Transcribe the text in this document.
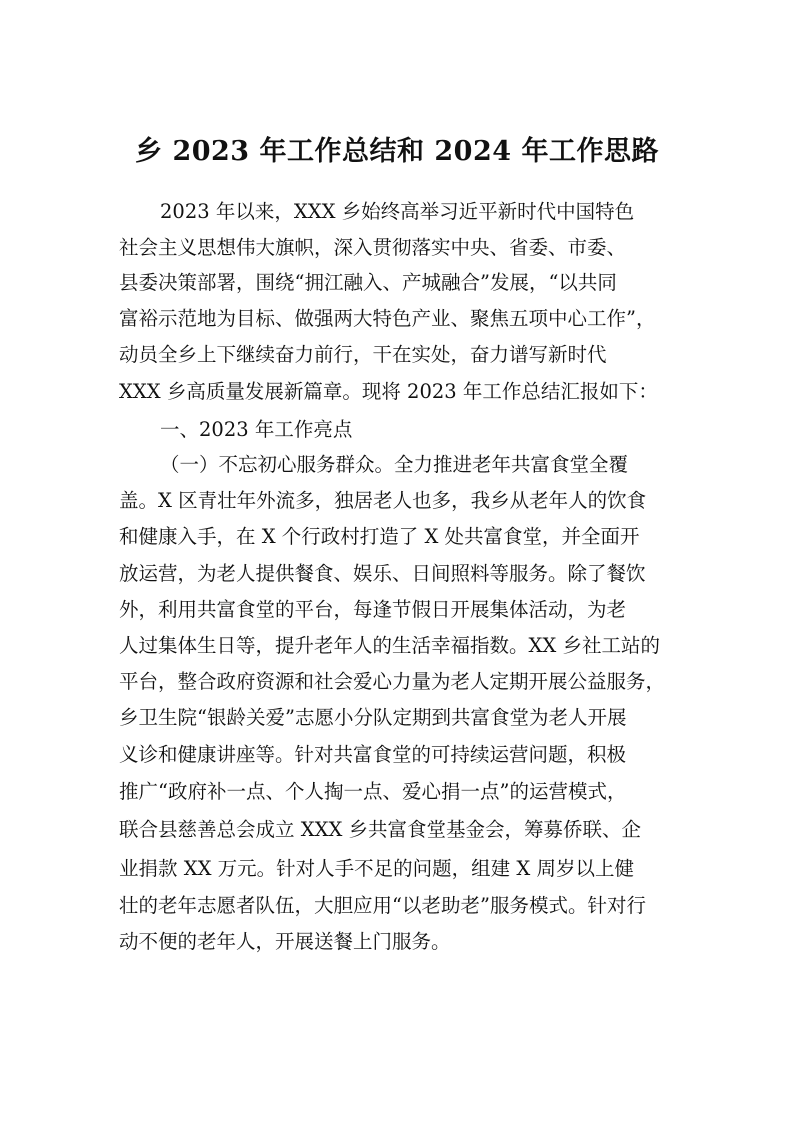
乡 2023 年工作总结和 2024 年工作思路
2023 年以来，XXX 乡始终高举习近平新时代中国特色
社会主义思想伟大旗帜，深入贯彻落实中央、省委、市委、
县委决策部署，围绕“拥江融入、产城融合”发展，“以共同
富裕示范地为目标、做强两大特色产业、聚焦五项中心工作”，
动员全乡上下继续奋力前行，干在实处，奋力谱写新时代
XXX 乡高质量发展新篇章。现将 2023 年工作总结汇报如下：
一、2023 年工作亮点
（一）不忘初心服务群众。全力推进老年共富食堂全覆
盖。X 区青壮年外流多，独居老人也多，我乡从老年人的饮食
和健康入手，在 X 个行政村打造了 X 处共富食堂，并全面开
放运营，为老人提供餐食、娱乐、日间照料等服务。除了餐饮
外，利用共富食堂的平台，每逢节假日开展集体活动，为老
人过集体生日等，提升老年人的生活幸福指数。XX 乡社工站的
平台，整合政府资源和社会爱心力量为老人定期开展公益服务，
乡卫生院“银龄关爱”志愿小分队定期到共富食堂为老人开展
义诊和健康讲座等。针对共富食堂的可持续运营问题，积极
推广“政府补一点、个人掏一点、爱心捐一点”的运营模式，
联合县慈善总会成立 XXX 乡共富食堂基金会，筹募侨联、企
业捐款 XX 万元。针对人手不足的问题，组建 X 周岁以上健
壮的老年志愿者队伍，大胆应用“以老助老”服务模式。针对行
动不便的老年人，开展送餐上门服务。
